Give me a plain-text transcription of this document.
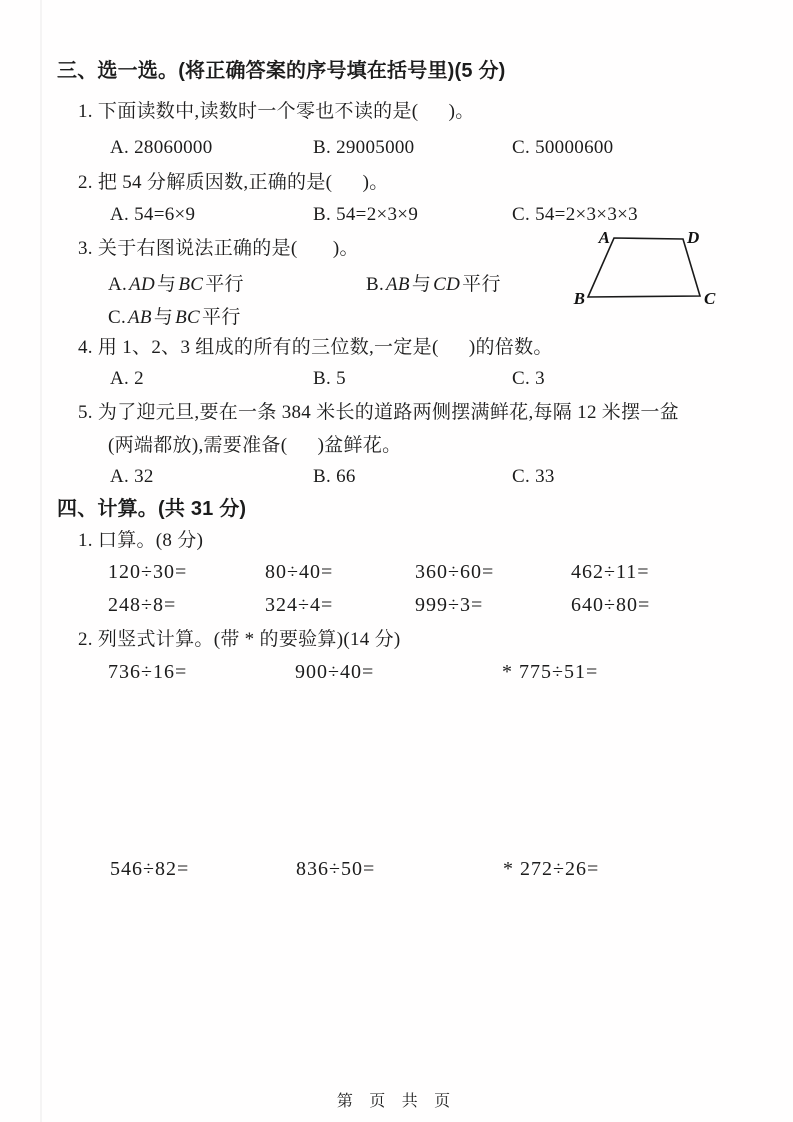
三、选一选。(将正确答案的序号填在括号里)(5 分)
1. 下面读数中,读数时一个零也不读的是(      )。
A. 28060000	B. 29005000	C. 50000600
2. 把 54 分解质因数,正确的是(      )。
A. 54=6×9	B. 54=2×3×9	C. 54=2×3×3×3
3. 关于右图说法正确的是(       )。
A. AD 与 BC 平行	B. AB 与 CD 平行
C. AB 与 BC 平行
A	D
B	C
4. 用 1、2、3 组成的所有的三位数,一定是(      )的倍数。
A. 2	B. 5	C. 3
5. 为了迎元旦,要在一条 384 米长的道路两侧摆满鲜花,每隔 12 米摆一盆
(两端都放),需要准备(      )盆鲜花。
A. 32	B. 66	C. 33
四、计算。(共 31 分)
1. 口算。(8 分)
120÷30=	80÷40=	360÷60=	462÷11=
248÷8=	324÷4=	999÷3=	640÷80=
2. 列竖式计算。(带 * 的要验算)(14 分)
736÷16=	900÷40=	* 775÷51=
546÷82=	836÷50=	* 272÷26=
第 页 共 页
